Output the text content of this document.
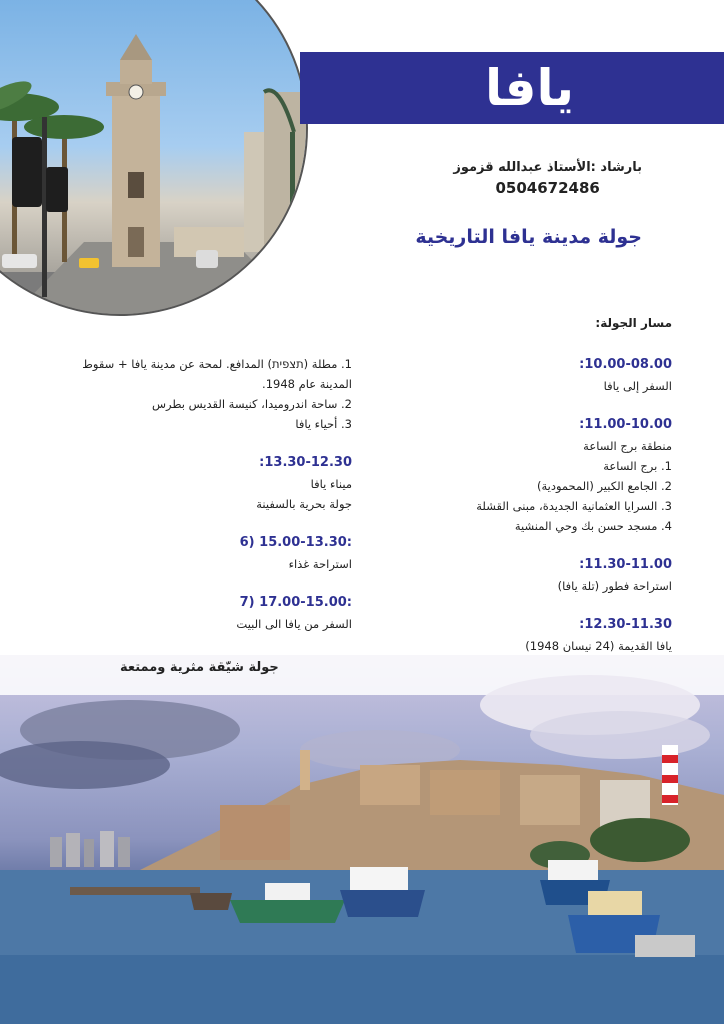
يافا
بارشاد :الأستاذ عبدالله قزموز
0504672486
جولة مدينة يافا التاريخية
مسار الجولة:
:10.00-08.00
السفر إلى يافا
:11.00-10.00
منطقة برج الساعة
1. برج الساعة
2. الجامع الكبير (المحمودية)
3. السرايا العثمانية الجديدة، مبنى القشلة
4. مسجد حسن بك وحي المنشية
:11.30-11.00
استراحة فطور (تلة يافا)
:12.30-11.30
يافا القديمة (24 نيسان 1948)
1. مطلة (תצפית) المدافع. لمحة عن مدينة يافا + سقوط
المدينة عام 1948.
2. ساحة اندروميدا، كنيسة القديس بطرس
3. أحياء يافا
:13.30-12.30
ميناء يافا
جولة بحرية بالسفينة
6) 15.00-13.30:
استراحة غذاء
7) 17.00-15.00:
السفر من يافا الى البيت
جولة شيّقة مثرية وممتعة
